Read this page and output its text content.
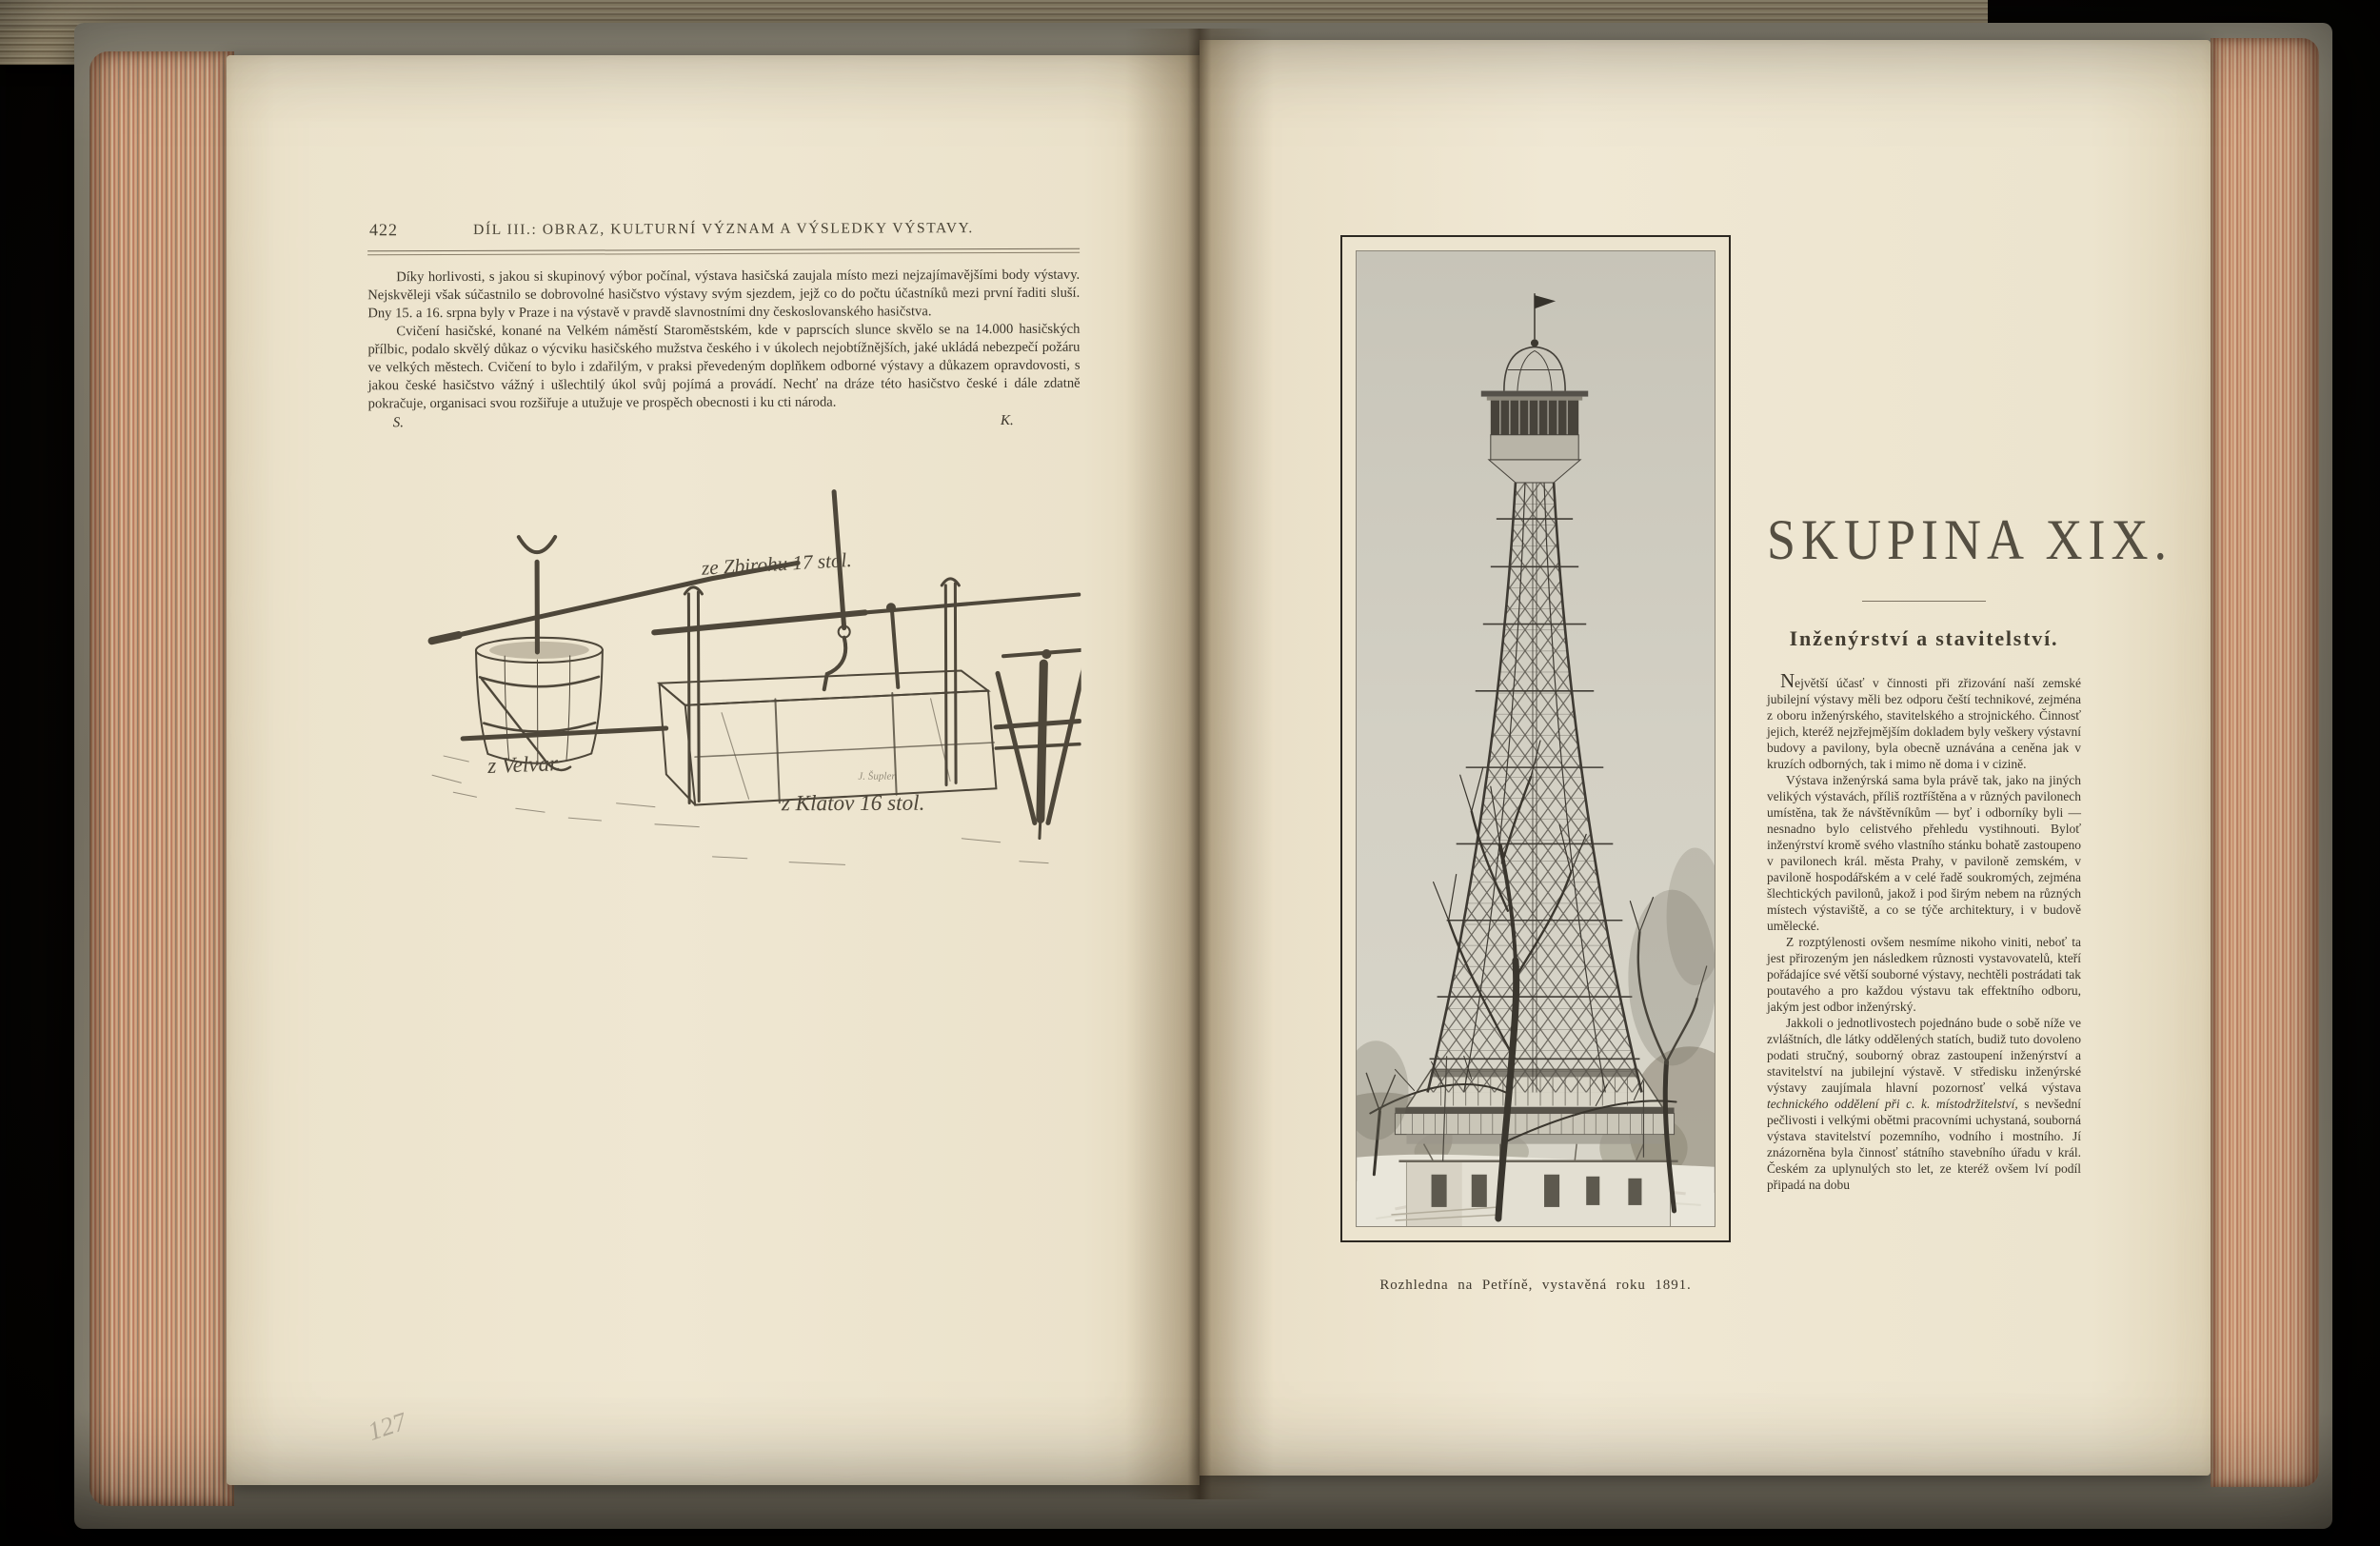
422	DÍL III.: OBRAZ, KULTURNÍ VÝZNAM A VÝSLEDKY VÝSTAVY.

Díky horlivosti, s jakou si skupinový výbor počínal, výstava hasičská zaujala místo mezi nejzajímavějšími body výstavy. Nejskvěleji však súčastnilo se dobrovolné hasičstvo výstavy svým sjezdem, jejž co do počtu účastníků mezi první řaditi sluší. Dny 15. a 16. srpna byly v Praze i na výstavě v pravdě slavnostními dny českoslovanského hasičstva.

Cvičení hasičské, konané na Velkém náměstí Staroměstském, kde v paprscích slunce skvělo se na 14.000 hasičských přílbic, podalo skvělý důkaz o výcviku hasičského mužstva českého i v úkolech nejobtížnějších, jaké ukládá nebezpečí požáru ve velkých městech. Cvičení to bylo i zdařilým, v praksi převedeným doplňkem odborné výstavy a důkazem opravdovosti, s jakou české hasičstvo vážný i ušlechtilý úkol svůj pojímá a provádí. Nechť na dráze této hasičstvo české i dále zdatně pokračuje, organisaci svou rozšiřuje a utužuje ve prospěch obecnosti i ku cti národa.

S.	K.
ze Zbirohu 17 stol.
z Velvar.
z Klatov 16 stol.
J. Šupler
127
Rozhledna na Petříně, vystavěná roku 1891.
SKUPINA XIX.
Inženýrství a stavitelství.

Největší účasť v činnosti při zřizování naší zemské jubilejní výstavy měli bez odporu čeští technikové, zejména z oboru inženýrského, stavitelského a strojnického. Činnosť jejich, kteréž nejzřejmějším dokladem byly veškery výstavní budovy a pavilony, byla obecně uznávána a ceněna jak v kruzích odborných, tak i mimo ně doma i v cizině.

Výstava inženýrská sama byla právě tak, jako na jiných velikých výstavách, příliš roztříštěna a v různých pavilonech umístěna, tak že návštěvníkům — byť i odborníky byli — nesnadno bylo celistvého přehledu vystihnouti. Byloť inženýrství kromě svého vlastního stánku bohatě zastoupeno v pavilonech král. města Prahy, v paviloně zemském, v paviloně hospodářském a v celé řadě soukromých, zejména šlechtických pavilonů, jakož i pod širým nebem na různých místech výstaviště, a co se týče architektury, i v budově umělecké.

Z rozptýlenosti ovšem nesmíme nikoho viniti, neboť ta jest přirozeným jen následkem různosti vystavovatelů, kteří pořádajíce své větší souborné výstavy, nechtěli postrádati tak poutavého a pro každou výstavu tak effektního odboru, jakým jest odbor inženýrský.

Jakkoli o jednotlivostech pojednáno bude o sobě níže ve zvláštních, dle látky oddělených statích, budiž tuto dovoleno podati stručný, souborný obraz zastoupení inženýrství a stavitelství na jubilejní výstavě. V středisku inženýrské výstavy zaujímala hlavní pozornosť velká výstava technického oddělení při c. k. místodržitelství, s nevšední pečlivosti i velkými obětmi pracovními uchystaná, souborná výstava stavitelství pozemního, vodního i mostního. Jí znázorněna byla činnosť státního stavebního úřadu v král. Českém za uplynulých sto let, ze kteréž ovšem lví podíl připadá na dobu
